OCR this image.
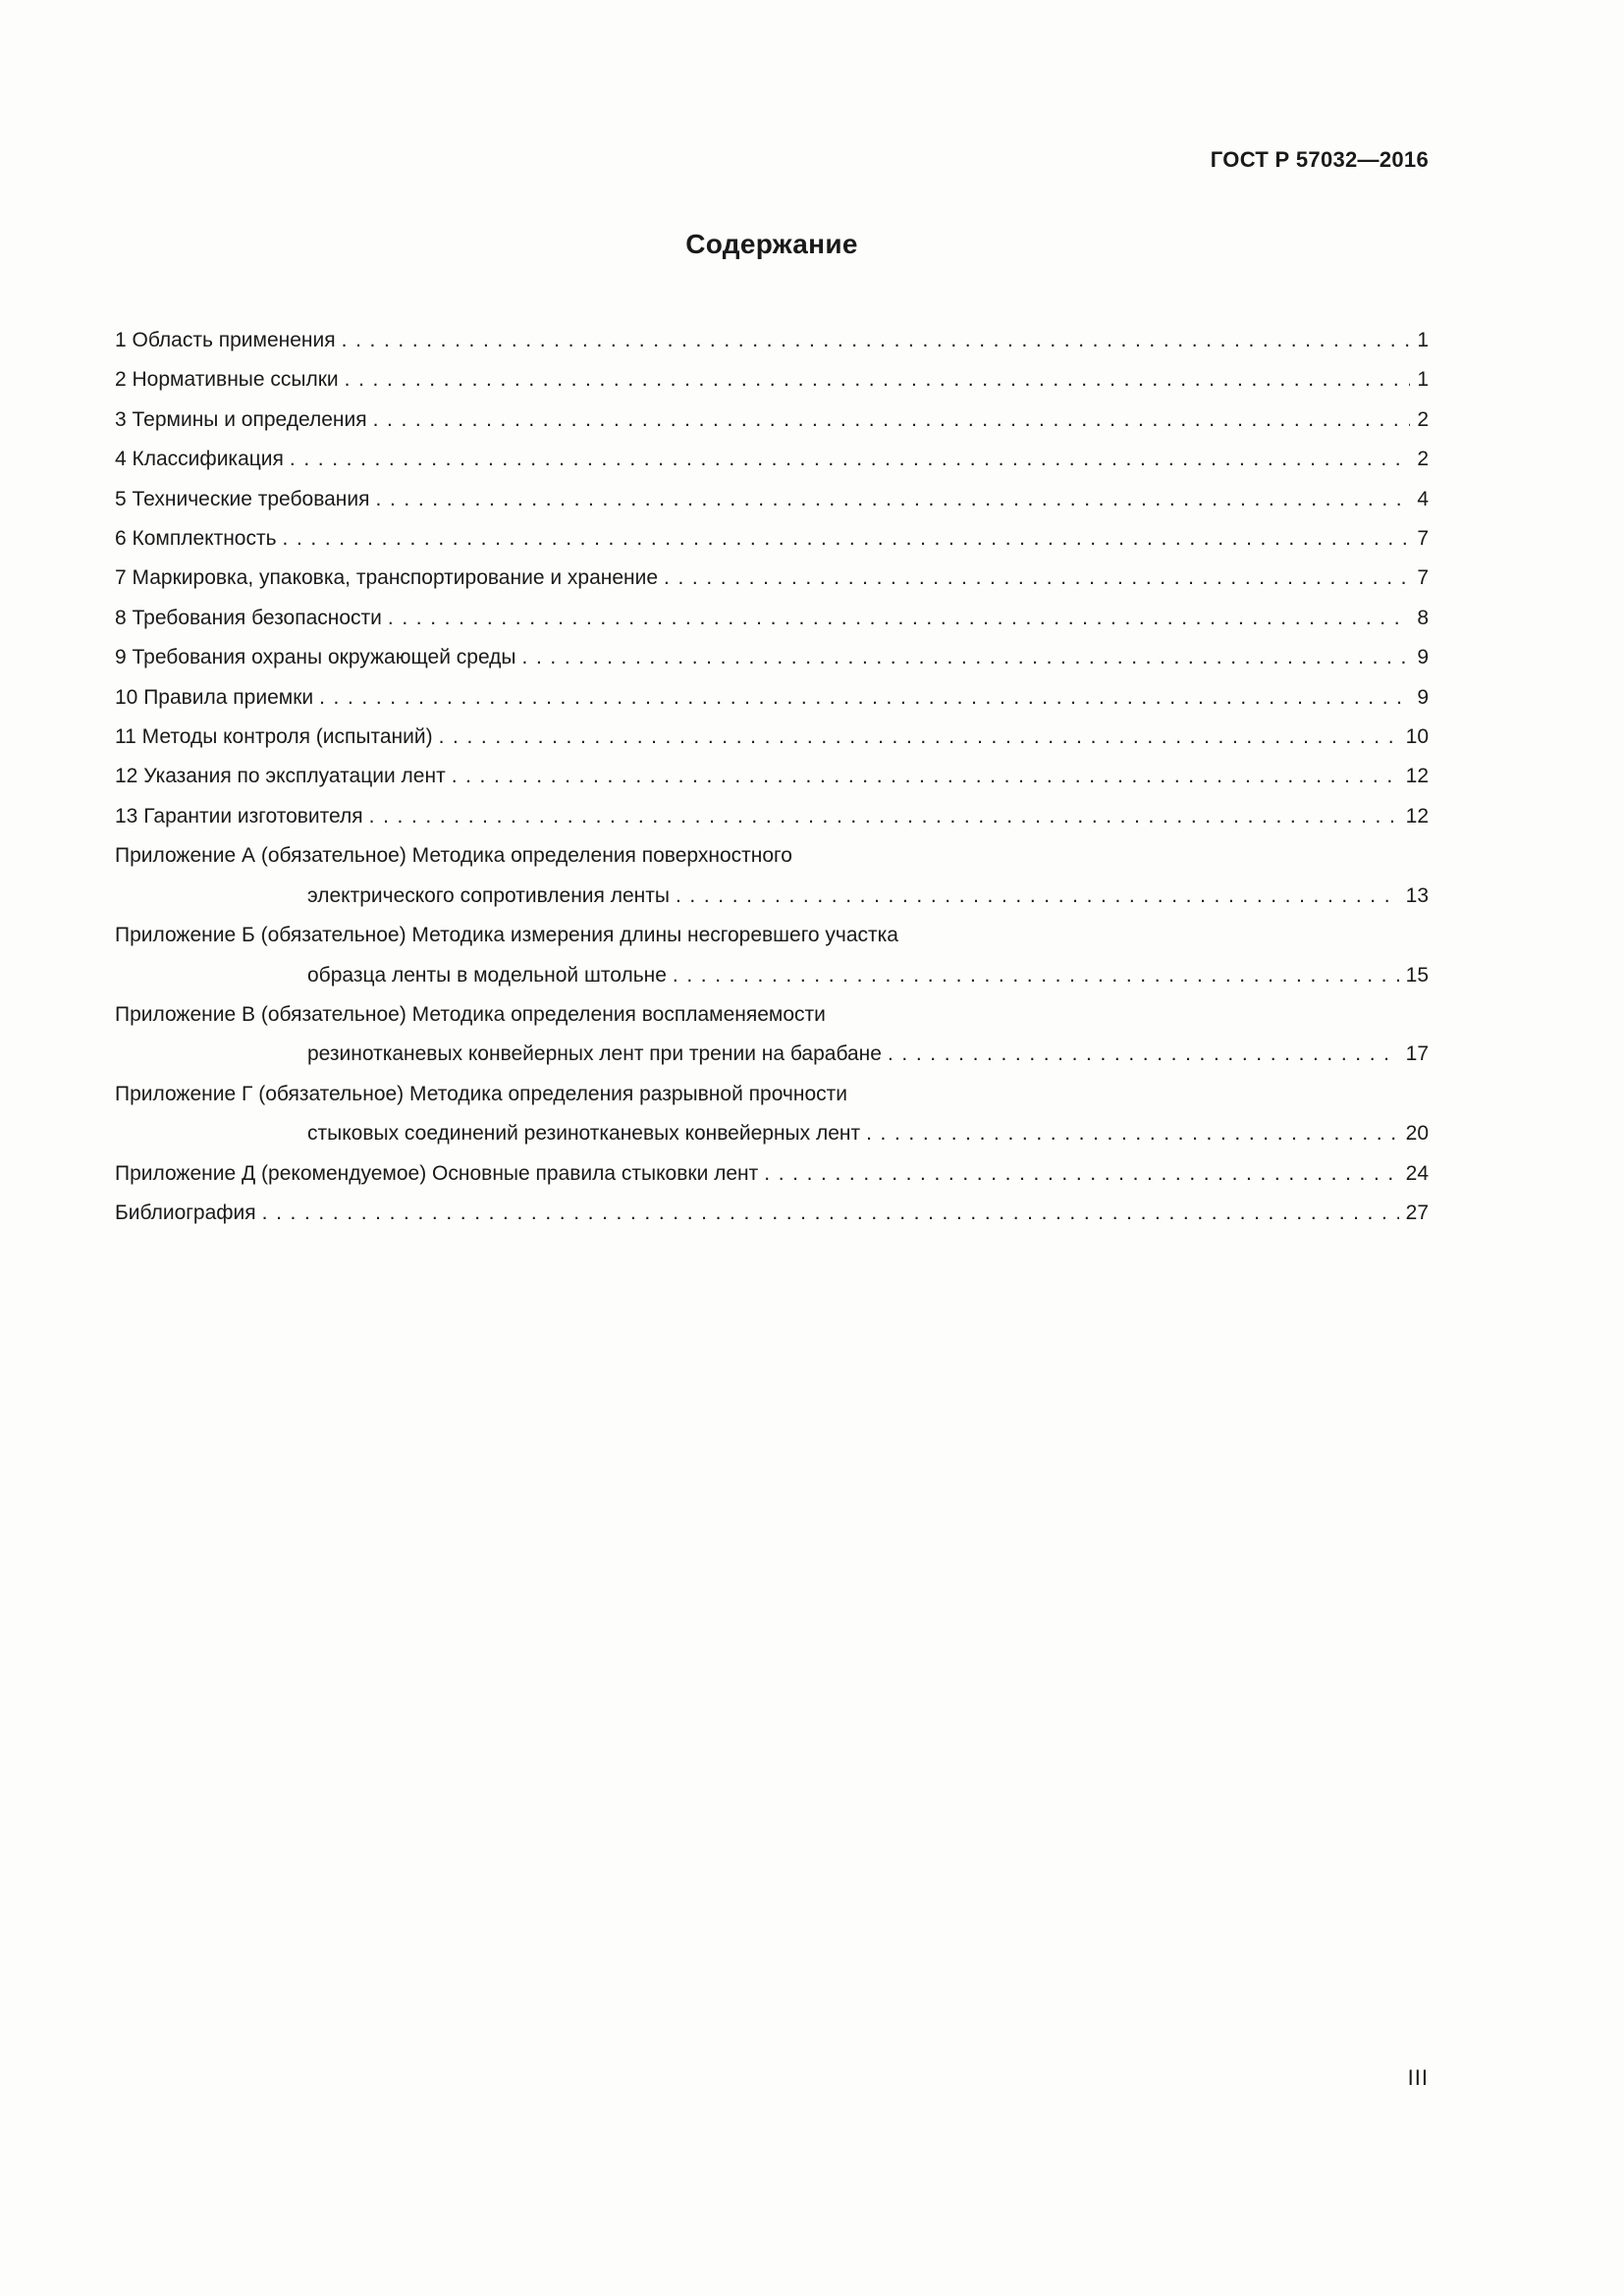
ГОСТ Р 57032—2016
Содержание
1 Область применения .....	1
2 Нормативные ссылки .....	1
3 Термины и определения .....	2
4 Классификация .....	2
5 Технические требования .....	4
6 Комплектность .....	7
7 Маркировка, упаковка, транспортирование и хранение .....	7
8 Требования безопасности .....	8
9 Требования охраны окружающей среды .....	9
10 Правила приемки .....	9
11 Методы контроля (испытаний) .....	10
12 Указания по эксплуатации лент .....	12
13 Гарантии изготовителя .....	12
Приложение А (обязательное) Методика определения поверхностного
электрического сопротивления ленты .....	13
Приложение Б (обязательное) Методика измерения длины несгоревшего участка
образца ленты в модельной штольне .....	15
Приложение В (обязательное) Методика определения воспламеняемости
резинотканевых конвейерных лент при трении на барабане .....	17
Приложение Г (обязательное) Методика определения разрывной прочности
стыковых соединений резинотканевых конвейерных лент .....	20
Приложение Д (рекомендуемое) Основные правила стыковки лент .....	24
Библиография .....	27
III
